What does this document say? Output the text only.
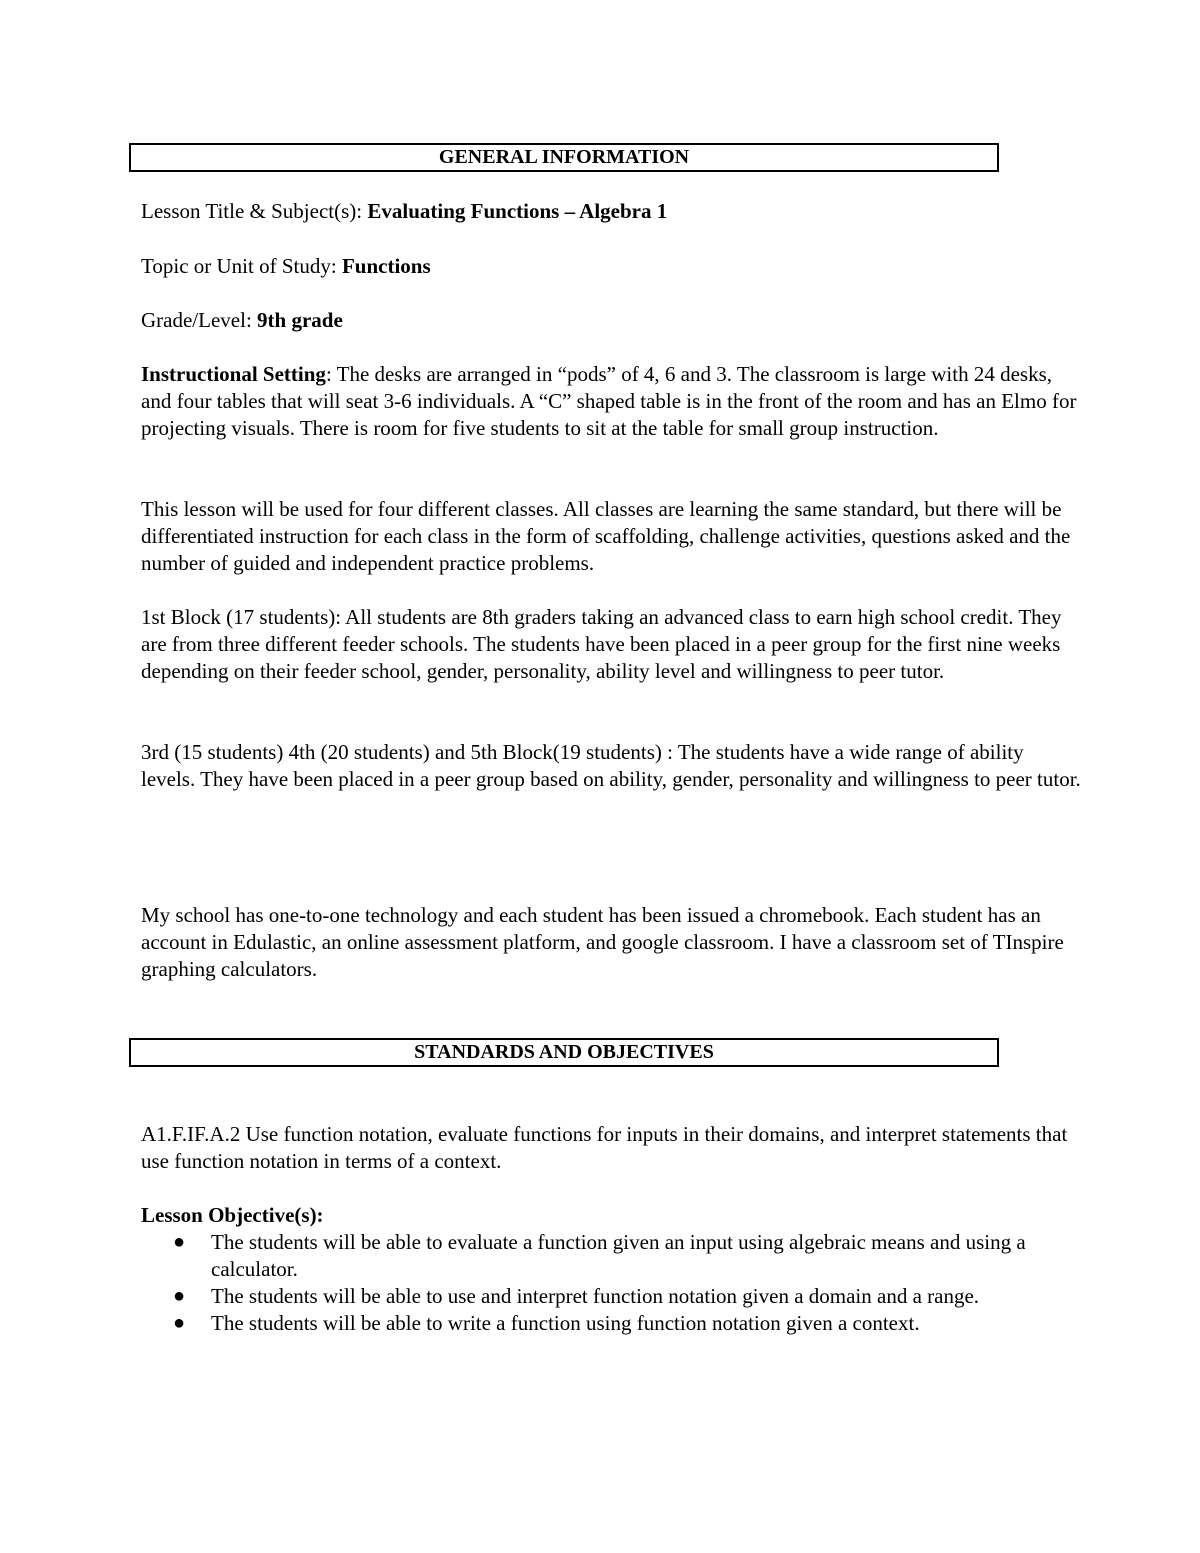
GENERAL INFORMATION

Lesson Title & Subject(s): Evaluating Functions – Algebra 1

Topic or Unit of Study: Functions

Grade/Level: 9th grade

Instructional Setting: The desks are arranged in “pods” of 4, 6 and 3. The classroom is large with 24 desks, and four tables that will seat 3-6 individuals. A “C” shaped table is in the front of the room and has an Elmo for projecting visuals. There is room for five students to sit at the table for small group instruction.

This lesson will be used for four different classes. All classes are learning the same standard, but there will be differentiated instruction for each class in the form of scaffolding, challenge activities, questions asked and the number of guided and independent practice problems.

1st Block (17 students): All students are 8th graders taking an advanced class to earn high school credit. They are from three different feeder schools. The students have been placed in a peer group for the first nine weeks depending on their feeder school, gender, personality, ability level and willingness to peer tutor.

3rd (15 students) 4th (20 students) and 5th Block(19 students) : The students have a wide range of ability levels. They have been placed in a peer group based on ability, gender, personality and willingness to peer tutor.

My school has one-to-one technology and each student has been issued a chromebook. Each student has an account in Edulastic, an online assessment platform, and google classroom. I have a classroom set of TInspire graphing calculators.

STANDARDS AND OBJECTIVES

A1.F.IF.A.2 Use function notation, evaluate functions for inputs in their domains, and interpret statements that use function notation in terms of a context.

Lesson Objective(s):

● The students will be able to evaluate a function given an input using algebraic means and using a calculator.
● The students will be able to use and interpret function notation given a domain and a range.
● The students will be able to write a function using function notation given a context.
